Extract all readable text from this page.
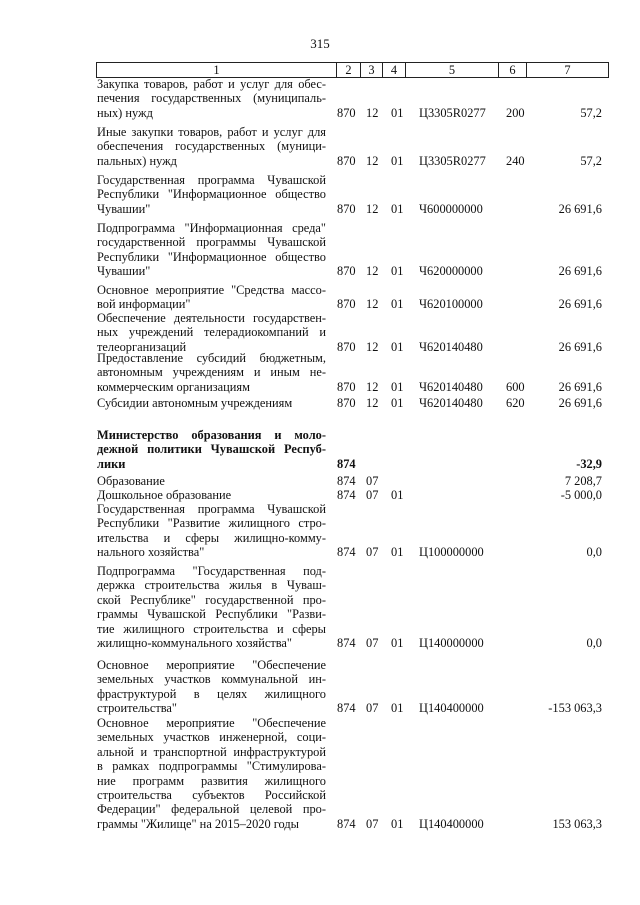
315
1	2	3	4	5	6	7
Закупка товаров, работ и услуг для обес-
печения государственных (муниципаль-
ных) нужд	870 12 01 Ц3305R0277 200	57,2
Иные закупки товаров, работ и услуг для
обеспечения государственных (муници-
пальных) нужд	870 12 01 Ц3305R0277 240	57,2
Государственная программа Чувашской
Республики "Информационное общество
Чувашии"	870 12 01 Ч600000000	26 691,6
Подпрограмма "Информационная среда"
государственной программы Чувашской
Республики "Информационное общество
Чувашии"	870 12 01 Ч620000000	26 691,6
Основное мероприятие "Средства массо-
вой информации"	870 12 01 Ч620100000	26 691,6
Обеспечение деятельности государствен-
ных учреждений телерадиокомпаний и
телеорганизаций	870 12 01 Ч620140480	26 691,6
Предоставление субсидий бюджетным,
автономным учреждениям и иным не-
коммерческим организациям	870 12 01 Ч620140480 600	26 691,6
Субсидии автономным учреждениям	870 12 01 Ч620140480 620	26 691,6
Министерство образования и моло-
дежной политики Чувашской Респуб-
лики	874	-32,9
Образование	874 07	7 208,7
Дошкольное образование	874 07 01	-5 000,0
Государственная программа Чувашской
Республики "Развитие жилищного стро-
ительства и сферы жилищно-комму-
нального хозяйства"	874 07 01 Ц100000000	0,0
Подпрограмма "Государственная под-
держка строительства жилья в Чуваш-
ской Республике" государственной про-
граммы Чувашской Республики "Разви-
тие жилищного строительства и сферы
жилищно-коммунального хозяйства"	874 07 01 Ц140000000	0,0
Основное мероприятие "Обеспечение
земельных участков коммунальной ин-
фраструктурой в целях жилищного
строительства"	874 07 01 Ц140400000	-153 063,3
Основное мероприятие "Обеспечение
земельных участков инженерной, соци-
альной и транспортной инфраструктурой
в рамках подпрограммы "Стимулирова-
ние программ развития жилищного
строительства субъектов Российской
Федерации" федеральной целевой про-
граммы "Жилище" на 2015–2020 годы	874 07 01 Ц140400000	153 063,3
